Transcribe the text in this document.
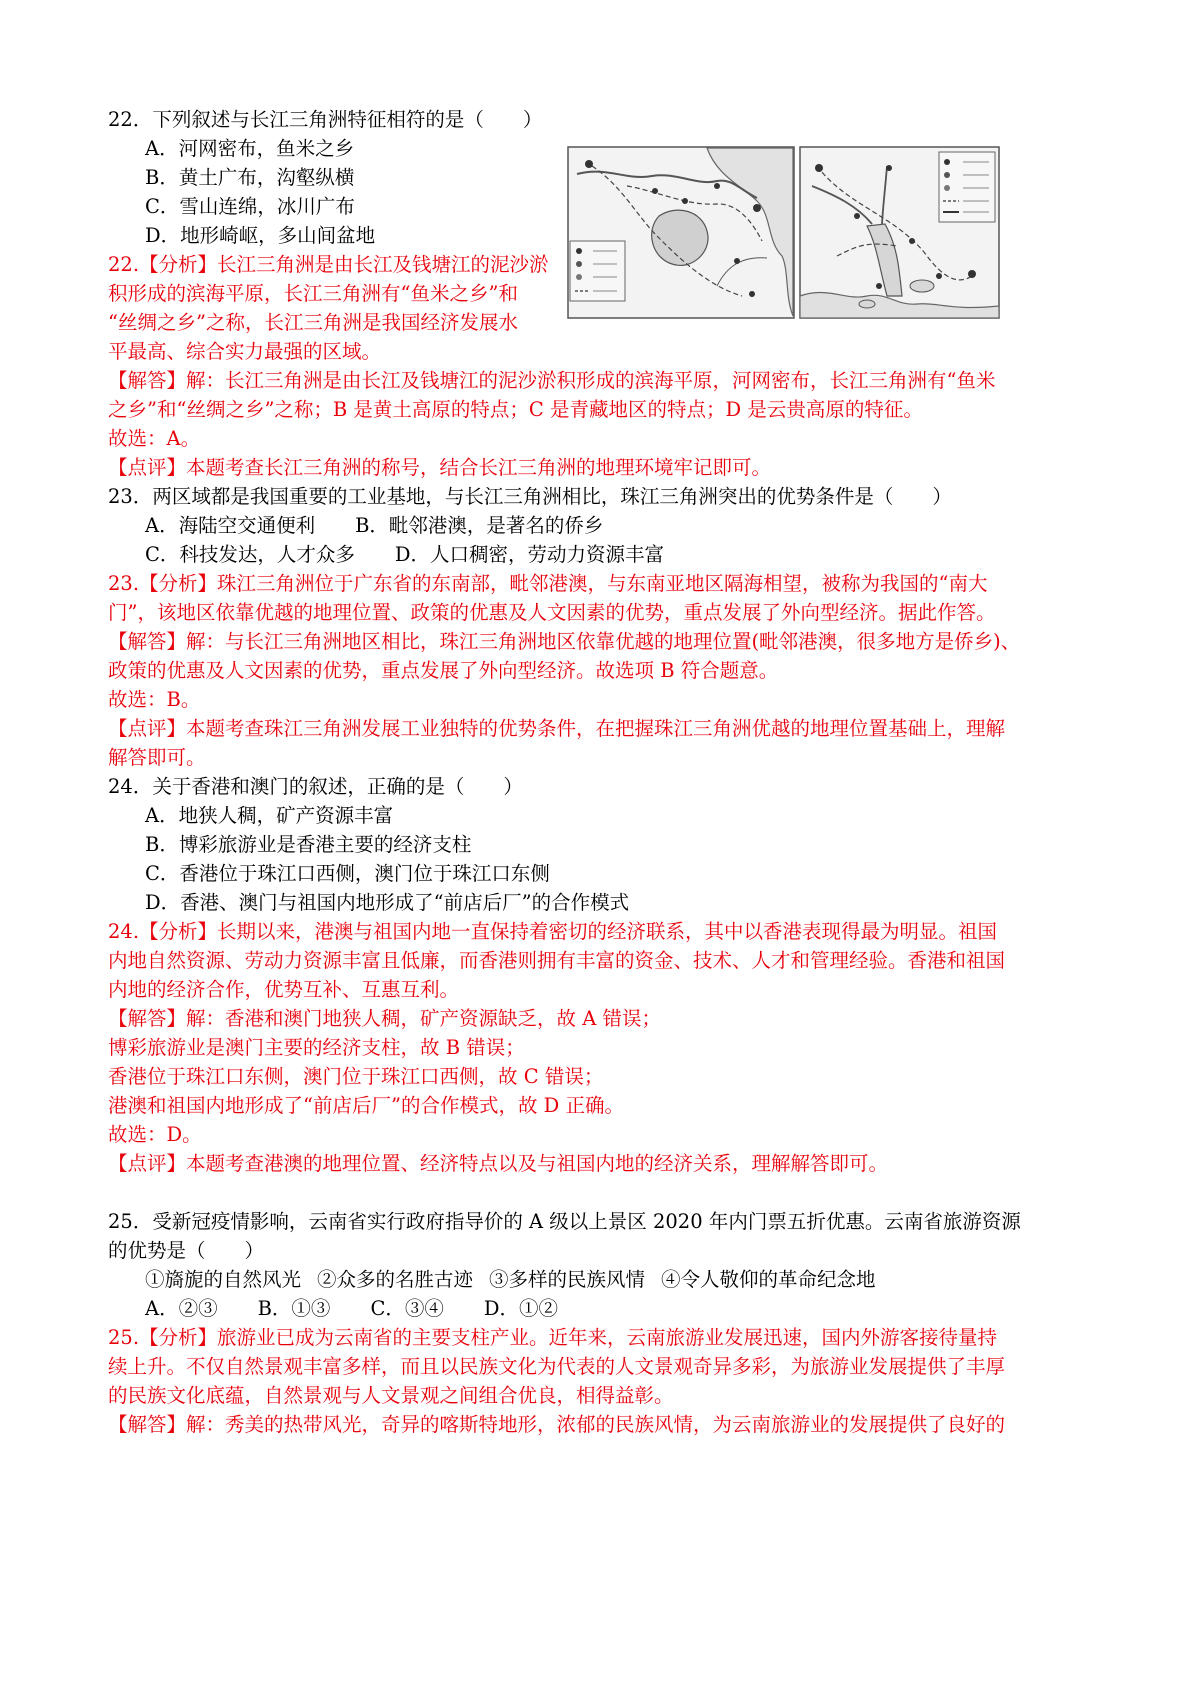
22．下列叙述与长江三角洲特征相符的是（　　）
A．河网密布，鱼米之乡
B．黄土广布，沟壑纵横
C．雪山连绵，冰川广布
D．地形崎岖，多山间盆地
22.【分析】长江三角洲是由长江及钱塘江的泥沙淤
积形成的滨海平原，长江三角洲有“鱼米之乡”和
“丝绸之乡”之称，长江三角洲是我国经济发展水
平最高、综合实力最强的区域。
【解答】解：长江三角洲是由长江及钱塘江的泥沙淤积形成的滨海平原，河网密布，长江三角洲有“鱼米
之乡”和“丝绸之乡”之称；B 是黄土高原的特点；C 是青藏地区的特点；D 是云贵高原的特征。
故选：A。
【点评】本题考查长江三角洲的称号，结合长江三角洲的地理环境牢记即可。
23．两区域都是我国重要的工业基地，与长江三角洲相比，珠江三角洲突出的优势条件是（　　）
A．海陆空交通便利 B．毗邻港澳，是著名的侨乡
C．科技发达，人才众多 D．人口稠密，劳动力资源丰富
23.【分析】珠江三角洲位于广东省的东南部，毗邻港澳，与东南亚地区隔海相望，被称为我国的“南大
门”，该地区依靠优越的地理位置、政策的优惠及人文因素的优势，重点发展了外向型经济。据此作答。
【解答】解：与长江三角洲地区相比，珠江三角洲地区依靠优越的地理位置(毗邻港澳，很多地方是侨乡)、
政策的优惠及人文因素的优势，重点发展了外向型经济。故选项 B 符合题意。
故选：B。
【点评】本题考查珠江三角洲发展工业独特的优势条件，在把握珠江三角洲优越的地理位置基础上，理解
解答即可。
24．关于香港和澳门的叙述，正确的是（　　）
A．地狭人稠，矿产资源丰富
B．博彩旅游业是香港主要的经济支柱
C．香港位于珠江口西侧，澳门位于珠江口东侧
D．香港、澳门与祖国内地形成了“前店后厂”的合作模式
24.【分析】长期以来，港澳与祖国内地一直保持着密切的经济联系，其中以香港表现得最为明显。祖国
内地自然资源、劳动力资源丰富且低廉，而香港则拥有丰富的资金、技术、人才和管理经验。香港和祖国
内地的经济合作，优势互补、互惠互利。
【解答】解：香港和澳门地狭人稠，矿产资源缺乏，故 A 错误；
博彩旅游业是澳门主要的经济支柱，故 B 错误；
香港位于珠江口东侧，澳门位于珠江口西侧，故 C 错误；
港澳和祖国内地形成了“前店后厂”的合作模式，故 D 正确。
故选：D。
【点评】本题考查港澳的地理位置、经济特点以及与祖国内地的经济关系，理解解答即可。
25．受新冠疫情影响，云南省实行政府指导价的 A 级以上景区 2020 年内门票五折优惠。云南省旅游资源
的优势是（　　）
①旖旎的自然风光 ②众多的名胜古迹 ③多样的民族风情 ④令人敬仰的革命纪念地
A．②③ B．①③ C．③④ D．①②
25.【分析】旅游业已成为云南省的主要支柱产业。近年来，云南旅游业发展迅速，国内外游客接待量持
续上升。不仅自然景观丰富多样，而且以民族文化为代表的人文景观奇异多彩，为旅游业发展提供了丰厚
的民族文化底蕴，自然景观与人文景观之间组合优良，相得益彰。
【解答】解：秀美的热带风光，奇异的喀斯特地形，浓郁的民族风情，为云南旅游业的发展提供了良好的
